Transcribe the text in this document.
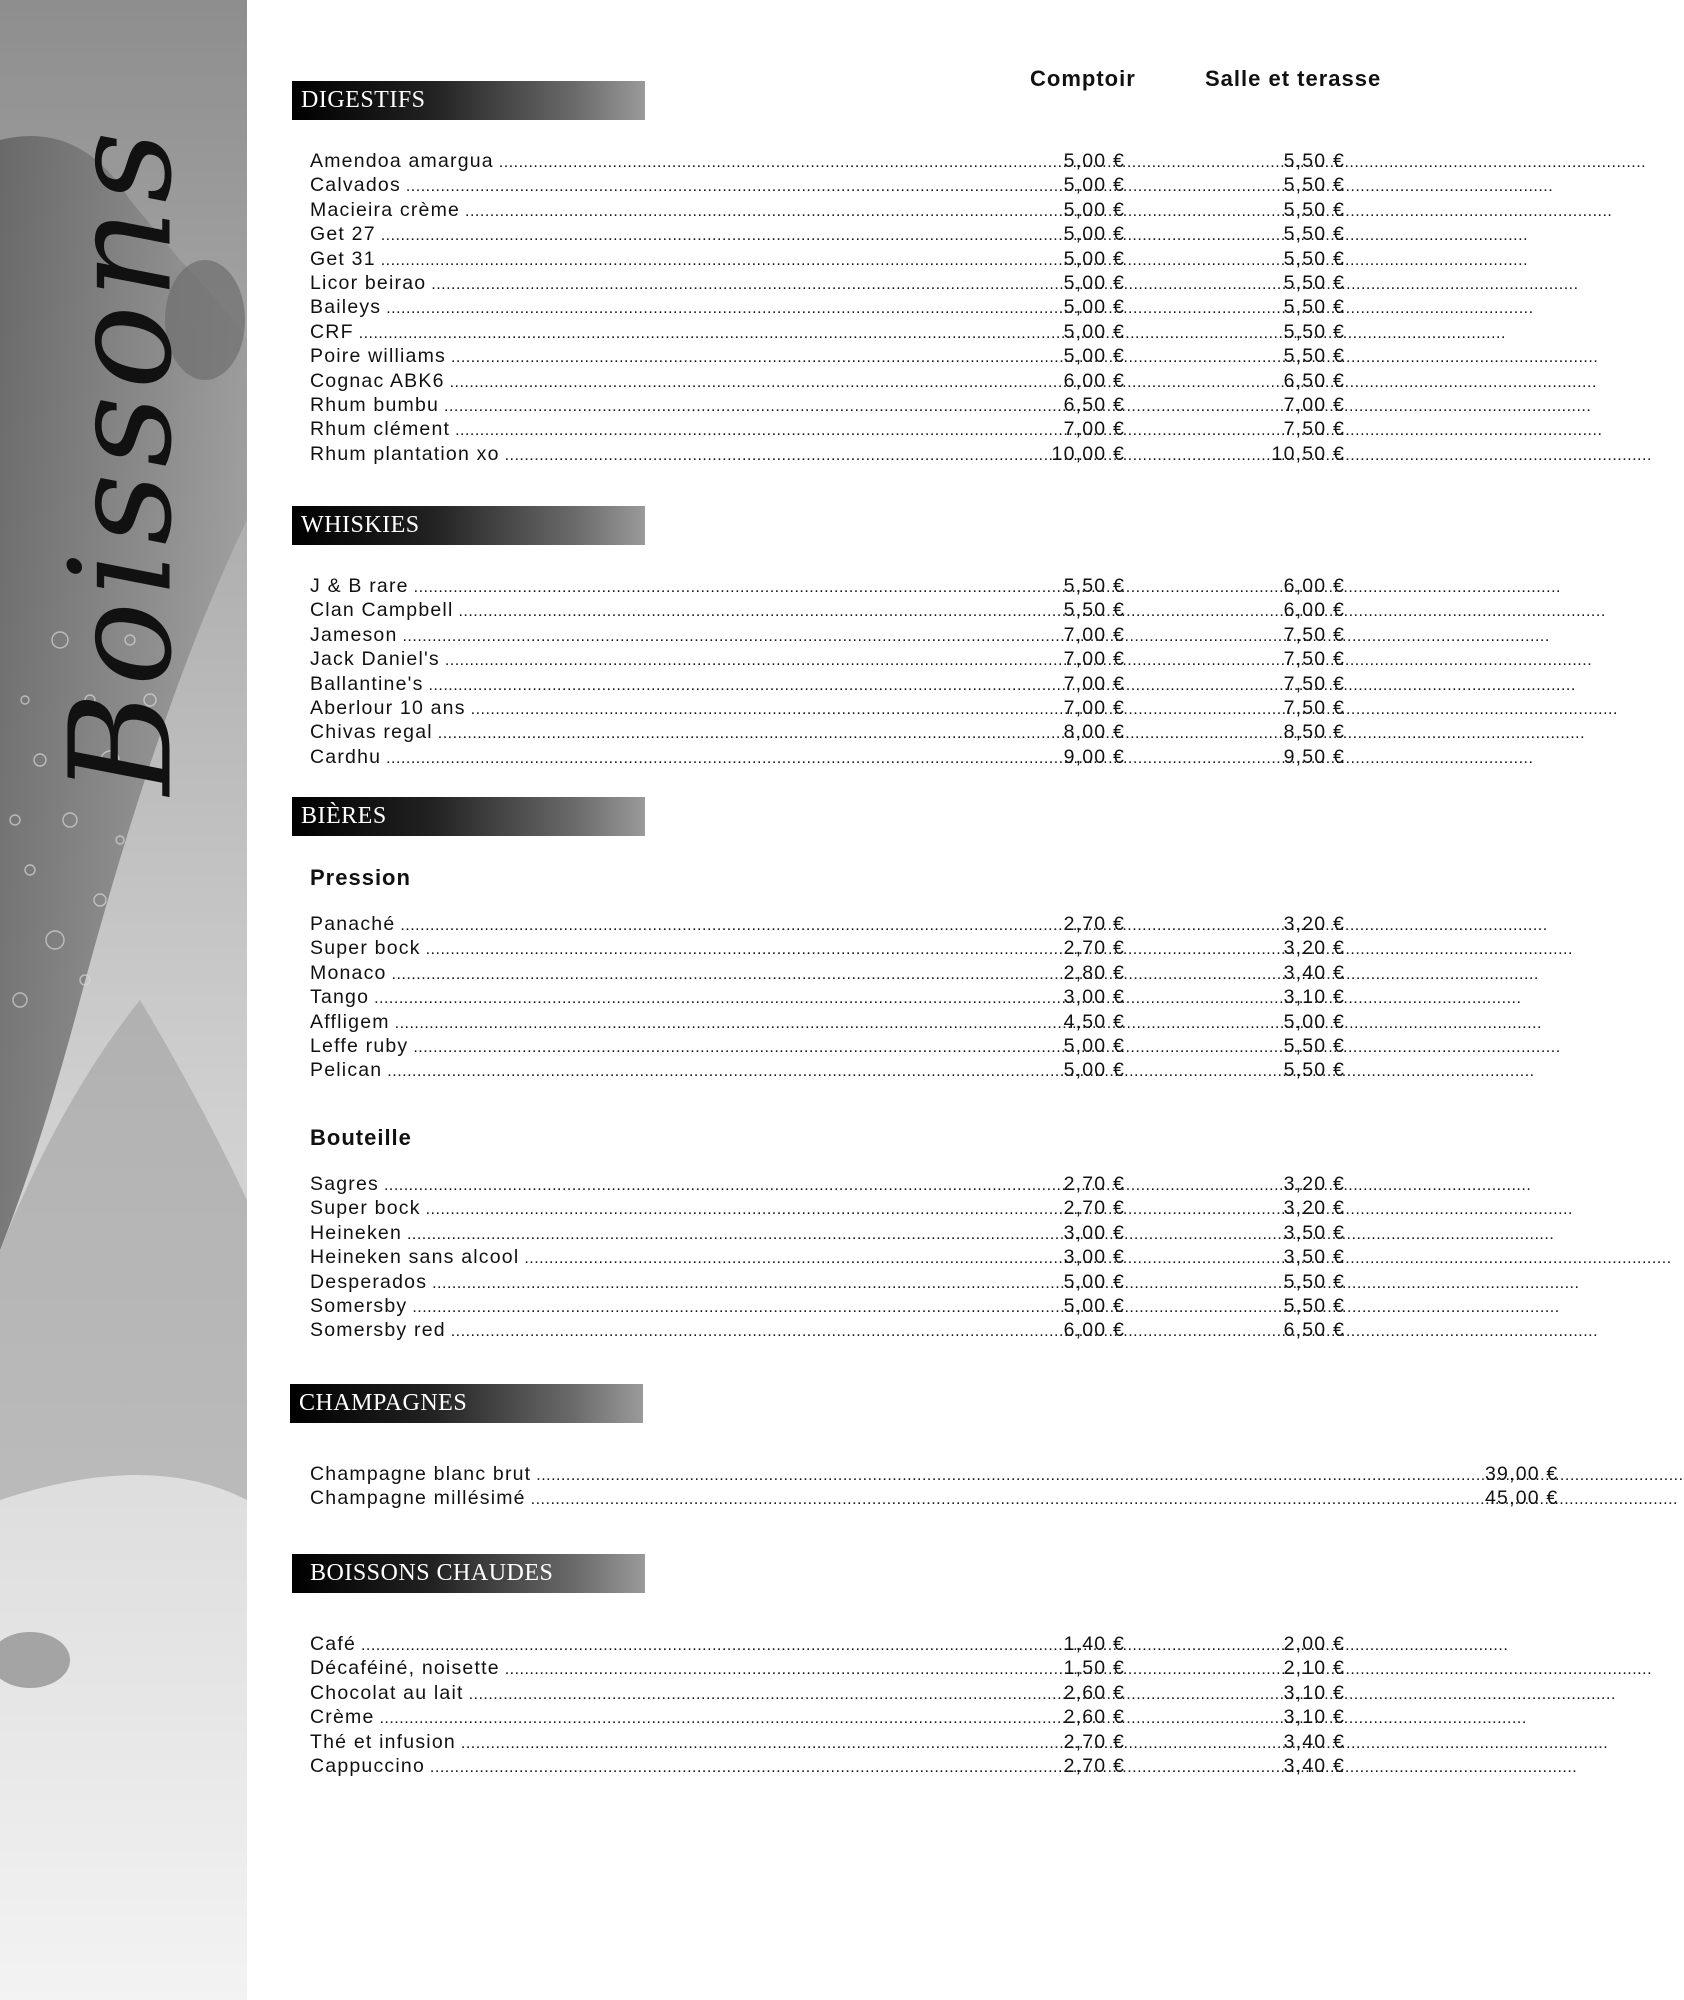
Boissons
Comptoir	Salle et terasse
DIGESTIFS
Amendoa amargua .....	5,00 €	5,50 €
Calvados .....	5,00 €	5,50 €
Macieira crème .....	5,00 €	5,50 €
Get 27 .....	5,00 €	5,50 €
Get 31 .....	5,00 €	5,50 €
Licor beirao .....	5,00 €	5,50 €
Baileys .....	5,00 €	5,50 €
CRF .....	5,00 €	5,50 €
Poire williams .....	5,00 €	5,50 €
Cognac ABK6 .....	6,00 €	6,50 €
Rhum bumbu .....	6,50 €	7,00 €
Rhum clément .....	7,00 €	7,50 €
Rhum plantation xo .....	10,00 €	10,50 €
WHISKIES
J & B rare .....	5,50 €	6,00 €
Clan Campbell .....	5,50 €	6,00 €
Jameson .....	7,00 €	7,50 €
Jack Daniel's .....	7,00 €	7,50 €
Ballantine's .....	7,00 €	7,50 €
Aberlour 10 ans .....	7,00 €	7,50 €
Chivas regal .....	8,00 €	8,50 €
Cardhu .....	9,00 €	9,50 €
BIÈRES
Pression
Panaché .....	2,70 €	3,20 €
Super bock .....	2,70 €	3,20 €
Monaco .....	2,80 €	3,40 €
Tango .....	3,00 €	3,10 €
Affligem .....	4,50 €	5,00 €
Leffe ruby .....	5,00 €	5,50 €
Pelican .....	5,00 €	5,50 €
Bouteille
Sagres .....	2,70 €	3,20 €
Super bock .....	2,70 €	3,20 €
Heineken .....	3,00 €	3,50 €
Heineken sans alcool .....	3,00 €	3,50 €
Desperados .....	5,00 €	5,50 €
Somersby .....	5,00 €	5,50 €
Somersby red .....	6,00 €	6,50 €
CHAMPAGNES
Champagne blanc brut .....	39,00 €
Champagne millésimé .....	45,00 €
BOISSONS CHAUDES
Café .....	1,40 €	2,00 €
Décaféiné, noisette .....	1,50 €	2,10 €
Chocolat au lait .....	2,60 €	3,10 €
Crème .....	2,60 €	3,10 €
Thé et infusion .....	2,70 €	3,40 €
Cappuccino .....	2,70 €	3,40 €
